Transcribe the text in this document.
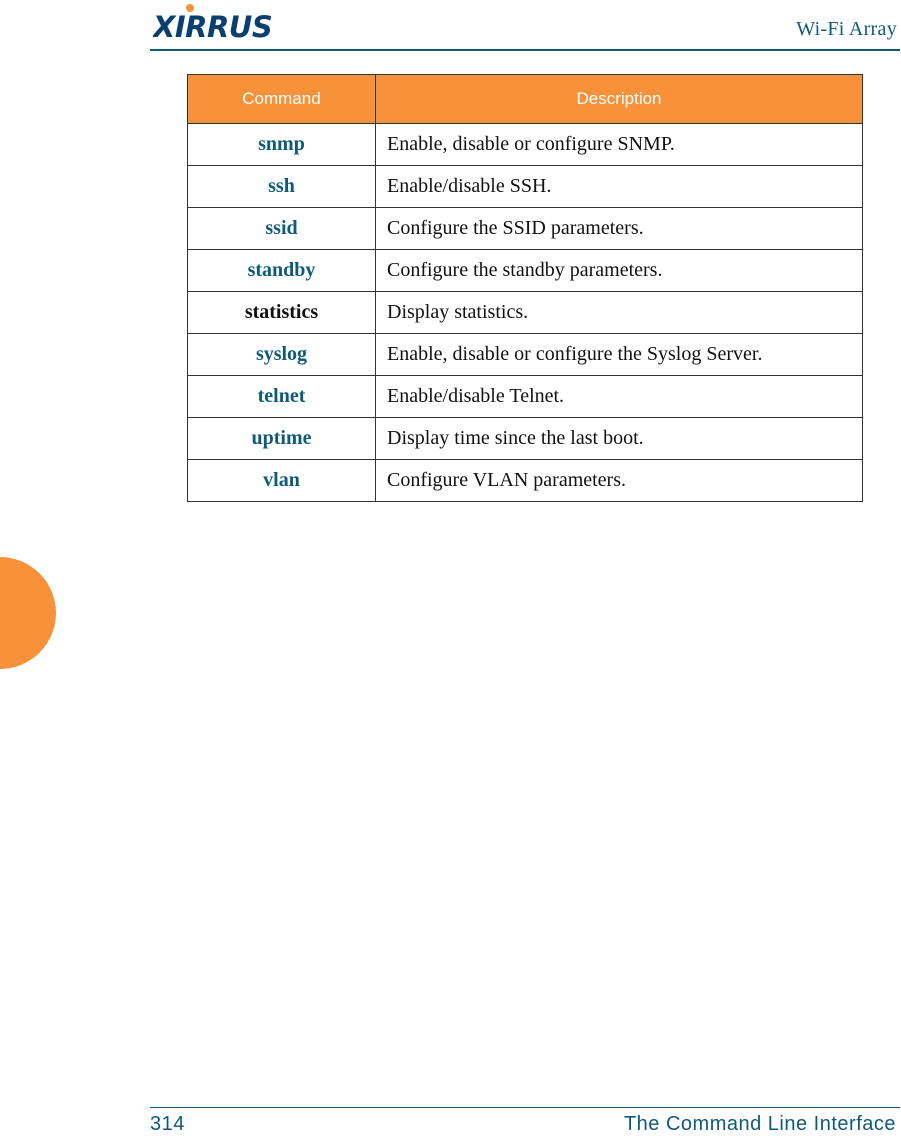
XIRRUS	Wi-Fi Array
Command	Description
snmp	Enable, disable or configure SNMP.
ssh	Enable/disable SSH.
ssid	Configure the SSID parameters.
standby	Configure the standby parameters.
statistics	Display statistics.
syslog	Enable, disable or configure the Syslog Server.
telnet	Enable/disable Telnet.
uptime	Display time since the last boot.
vlan	Configure VLAN parameters.
314	The Command Line Interface
